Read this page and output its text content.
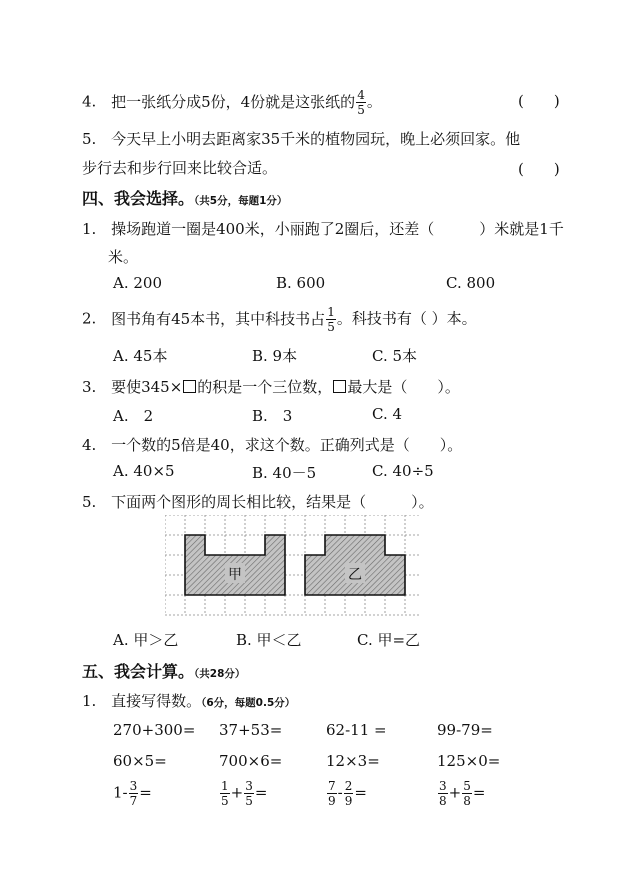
4. 把一张纸分成5份，4份就是这张纸的 $\frac{4}{5}$ 。	(　　)
5. 今天早上小明去距离家35千米的植物园玩，晚上必须回家。他
步行去和步行回来比较合适。	(　　)
四、我会选择。（共5分，每题1分）
1. 操场跑道一圈是400米，小丽跑了2圈后，还差（　　　）米就是1千
米。
A. 200	B. 600	C. 800
2. 图书角有45本书，其中科技书占 $\frac{1}{5}$ 。科技书有（ ）本。
A. 45本	B. 9本	C. 5本
3. 要使345× 的积是一个三位数， 最大是（　　）。
A.　2	B.　3	C. 4
4. 一个数的5倍是40，求这个数。正确列式是（　　）。
A. 40×5	B. 40－5	C. 40÷5
5. 下面两个图形的周长相比较，结果是（　　　）。
甲	乙
A. 甲＞乙	B. 甲＜乙	C. 甲=乙
五、我会计算。（共28分）
1. 直接写得数。（6分，每题0.5分）
270+300= 37+53=	62-11 =	99-79=
60×5=	700×6=	12×3=	125×0=
$1- \frac{3}{7}$ =	$\frac{1}{5} + \frac{3}{5}$ =	$\frac{7}{9} - \frac{2}{9}$ =	$\frac{3}{8} + \frac{5}{8}$ =
